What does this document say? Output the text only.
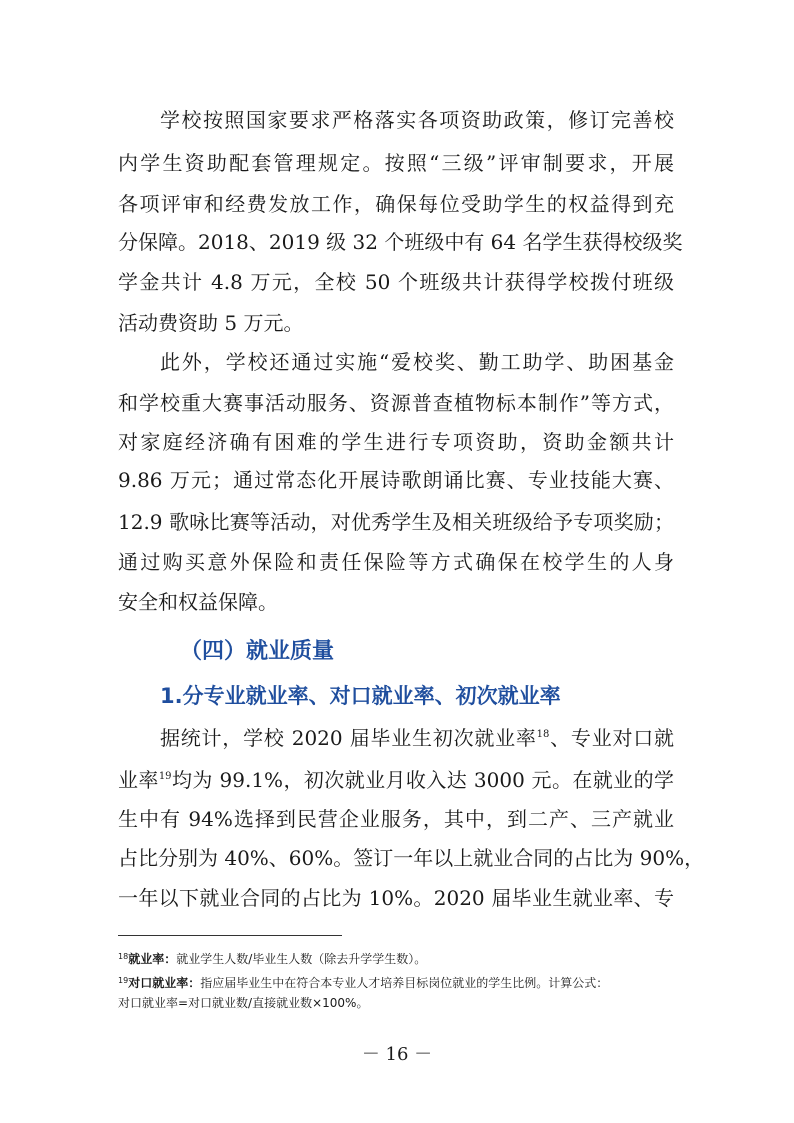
学校按照国家要求严格落实各项资助政策，修订完善校
内学生资助配套管理规定。按照“三级”评审制要求，开展
各项评审和经费发放工作，确保每位受助学生的权益得到充
分保障。2018、2019 级 32 个班级中有 64 名学生获得校级奖
学金共计 4.8 万元，全校 50 个班级共计获得学校拨付班级
活动费资助 5 万元。
此外，学校还通过实施“爱校奖、勤工助学、助困基金
和学校重大赛事活动服务、资源普查植物标本制作”等方式，
对家庭经济确有困难的学生进行专项资助，资助金额共计
9.86 万元；通过常态化开展诗歌朗诵比赛、专业技能大赛、
12.9 歌咏比赛等活动，对优秀学生及相关班级给予专项奖励；
通过购买意外保险和责任保险等方式确保在校学生的人身
安全和权益保障。
（四）就业质量
1.分专业就业率、对口就业率、初次就业率
据统计，学校 2020 届毕业生初次就业率$^{18}$、专业对口就
业率$^{19}$均为 99.1%，初次就业月收入达 3000 元。在就业的学
生中有 94%选择到民营企业服务，其中，到二产、三产就业
占比分别为 40%、60%。签订一年以上就业合同的占比为 90%，
一年以下就业合同的占比为 10%。2020 届毕业生就业率、专
$^{18}$就业率：就业学生人数/毕业生人数（除去升学学生数）。
$^{19}$对口就业率：指应届毕业生中在符合本专业人才培养目标岗位就业的学生比例。计算公式：
对口就业率=对口就业数/直接就业数×100%。
－ 16 －
